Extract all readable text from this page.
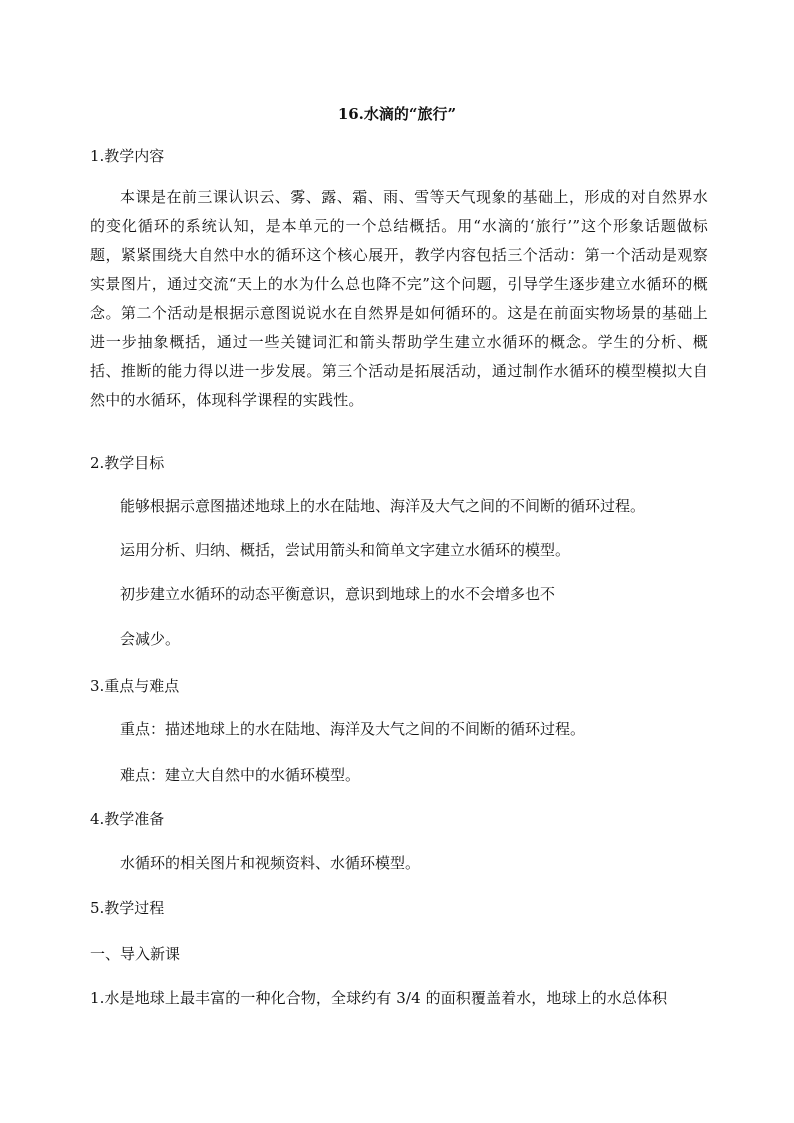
16.水滴的“旅行”
1.教学内容
本课是在前三课认识云、雾、露、霜、雨、雪等天气现象的基础上，形成的对自然界水的变化循环的系统认知，是本单元的一个总结概括。用“水滴的‘旅行’”这个形象话题做标题，紧紧围绕大自然中水的循环这个核心展开，教学内容包括三个活动：第一个活动是观察实景图片，通过交流“天上的水为什么总也降不完”这个问题，引导学生逐步建立水循环的概念。第二个活动是根据示意图说说水在自然界是如何循环的。这是在前面实物场景的基础上进一步抽象概括，通过一些关键词汇和箭头帮助学生建立水循环的概念。学生的分析、概括、推断的能力得以进一步发展。第三个活动是拓展活动，通过制作水循环的模型模拟大自然中的水循环，体现科学课程的实践性。
2.教学目标
能够根据示意图描述地球上的水在陆地、海洋及大气之间的不间断的循环过程。
运用分析、归纳、概括，尝试用箭头和简单文字建立水循环的模型。
初步建立水循环的动态平衡意识，意识到地球上的水不会增多也不
会减少。
3.重点与难点
重点：描述地球上的水在陆地、海洋及大气之间的不间断的循环过程。
难点：建立大自然中的水循环模型。
4.教学准备
水循环的相关图片和视频资料、水循环模型。
5.教学过程
一、导入新课
1.水是地球上最丰富的一种化合物，全球约有 3/4 的面积覆盖着水，地球上的水总体积
